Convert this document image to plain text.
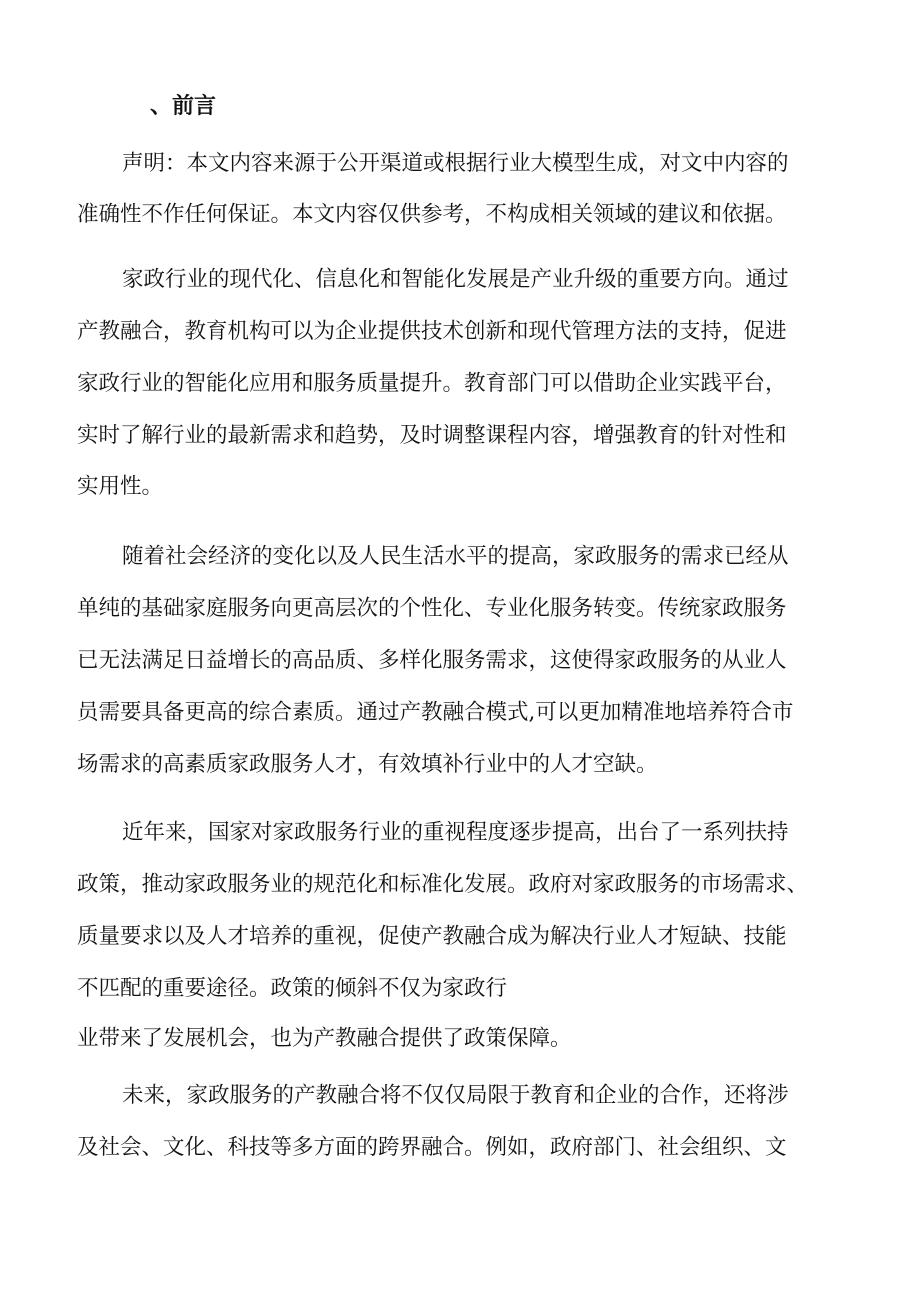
、前言

声明：本文内容来源于公开渠道或根据行业大模型生成，对文中内容的

准确性不作任何保证。本文内容仅供参考，不构成相关领域的建议和依据。

家政行业的现代化、信息化和智能化发展是产业升级的重要方向。通过

产教融合，教育机构可以为企业提供技术创新和现代管理方法的支持，促进

家政行业的智能化应用和服务质量提升。教育部门可以借助企业实践平台，

实时了解行业的最新需求和趋势，及时调整课程内容，增强教育的针对性和

实用性。

随着社会经济的变化以及人民生活水平的提高，家政服务的需求已经从

单纯的基础家庭服务向更高层次的个性化、专业化服务转变。传统家政服务

已无法满足日益增长的高品质、多样化服务需求，这使得家政服务的从业人

员需要具备更高的综合素质。通过产教融合模式,可以更加精准地培养符合市

场需求的高素质家政服务人才，有效填补行业中的人才空缺。

近年来，国家对家政服务行业的重视程度逐步提高，出台了一系列扶持

政策，推动家政服务业的规范化和标准化发展。政府对家政服务的市场需求、

质量要求以及人才培养的重视，促使产教融合成为解决行业人才短缺、技能

不匹配的重要途径。政策的倾斜不仅为家政行

业带来了发展机会，也为产教融合提供了政策保障。

未来，家政服务的产教融合将不仅仅局限于教育和企业的合作，还将涉

及社会、文化、科技等多方面的跨界融合。例如，政府部门、社会组织、文
